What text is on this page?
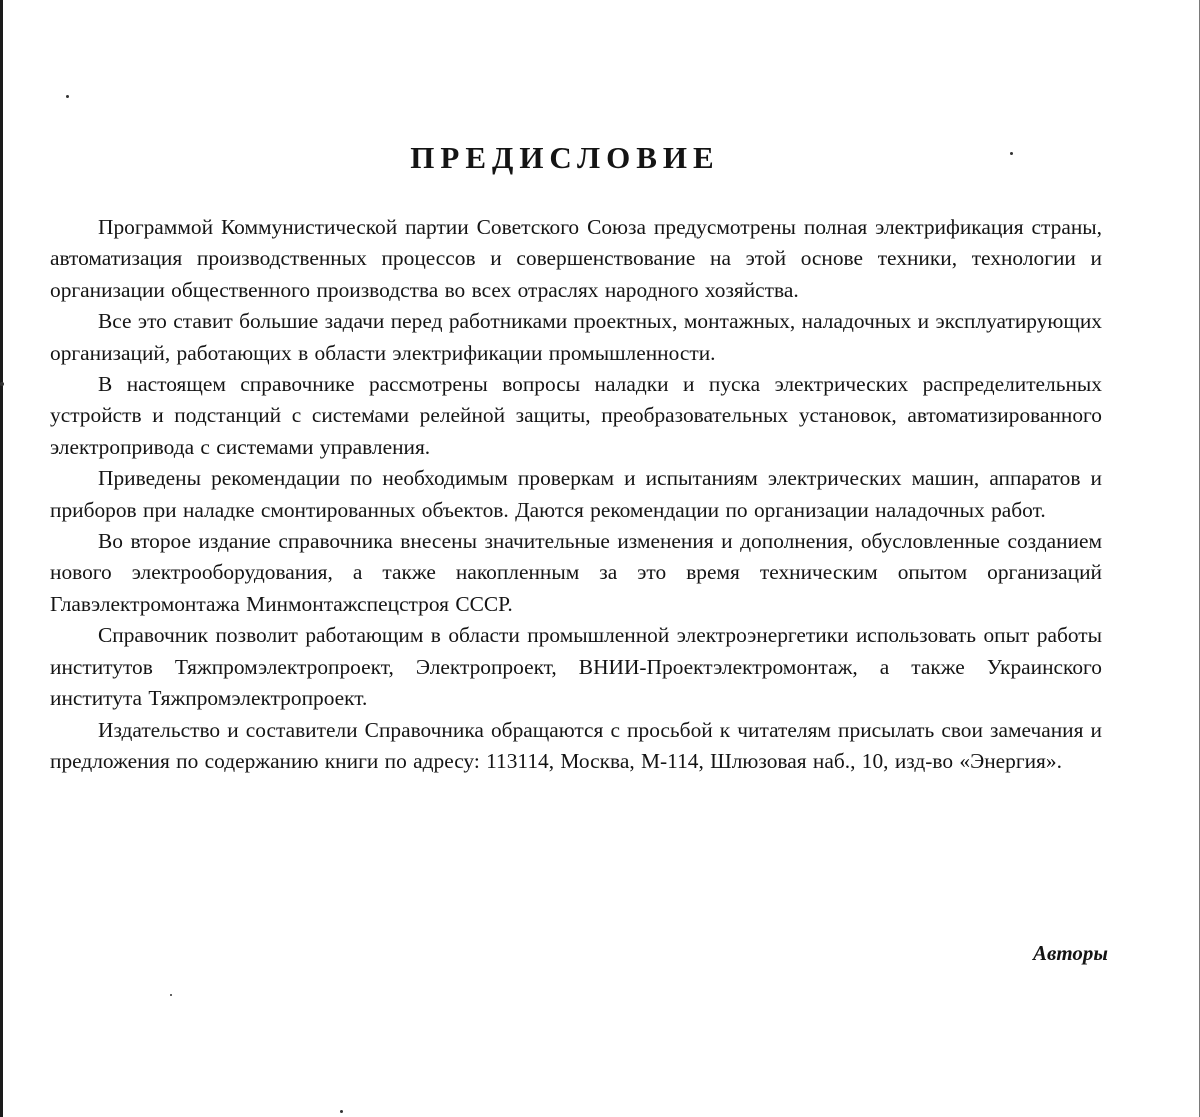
ПРЕДИСЛОВИЕ

Программой Коммунистической партии Советского Союза предусмотрены полная электрификация страны, автоматизация производственных процессов и совершенствование на этой основе техники, технологии и организации общественного производства во всех отраслях народного хозяйства.

Все это ставит большие задачи перед работниками проектных, монтажных, наладочных и эксплуатирующих организаций, работающих в области электрификации промышленности.

В настоящем справочнике рассмотрены вопросы наладки и пуска электрических распределительных устройств и подстанций с системами релейной защиты, преобразовательных установок, автоматизированного электропривода с системами управления.

Приведены рекомендации по необходимым проверкам и испытаниям электрических машин, аппаратов и приборов при наладке смонтированных объектов. Даются рекомендации по организации наладочных работ.

Во второе издание справочника внесены значительные изменения и дополнения, обусловленные созданием нового электрооборудования, а также накопленным за это время техническим опытом организаций Главэлектромонтажа Минмонтажспецстроя СССР.

Справочник позволит работающим в области промышленной электроэнергетики использовать опыт работы институтов Тяжпромэлектропроект, Электропроект, ВНИИ-Проектэлектромонтаж, а также Украинского института Тяжпромэлектропроект.

Издательство и составители Справочника обращаются с просьбой к читателям присылать свои замечания и предложения по содержанию книги по адресу: 113114, Москва, М-114, Шлюзовая наб., 10, изд-во «Энергия».

Авторы
